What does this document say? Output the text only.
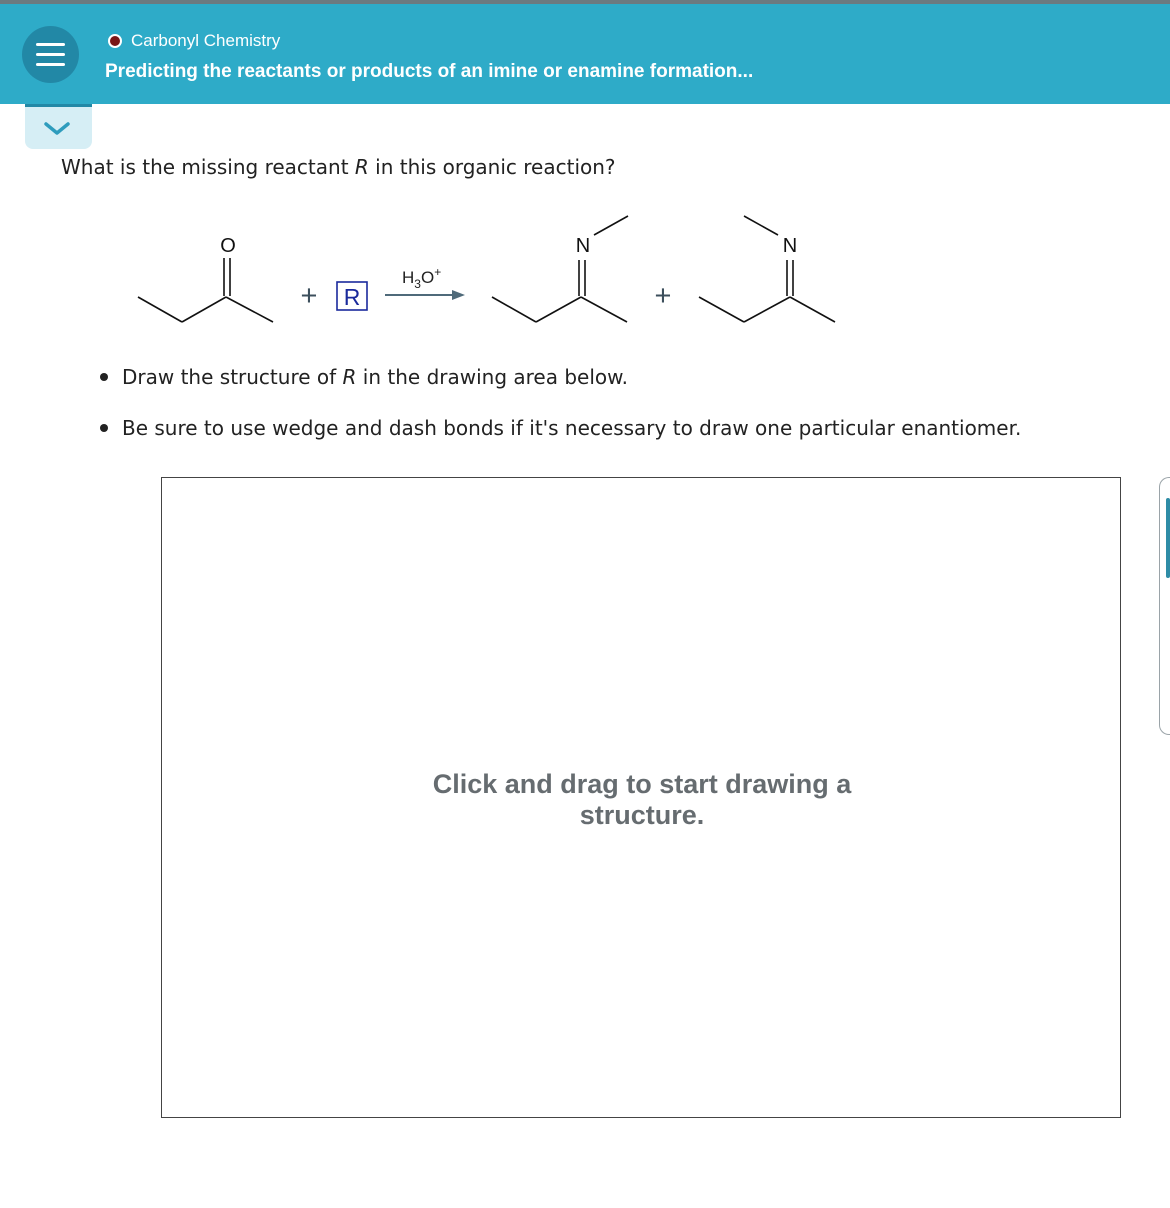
Carbonyl Chemistry
Predicting the reactants or products of an imine or enamine formation...
What is the missing reactant R in this organic reaction?
O
+ R
$H_3O^+$
N
+
N
Draw the structure of R in the drawing area below.
Be sure to use wedge and dash bonds if it's necessary to draw one particular enantiomer.
Click and drag to start drawing a
structure.
